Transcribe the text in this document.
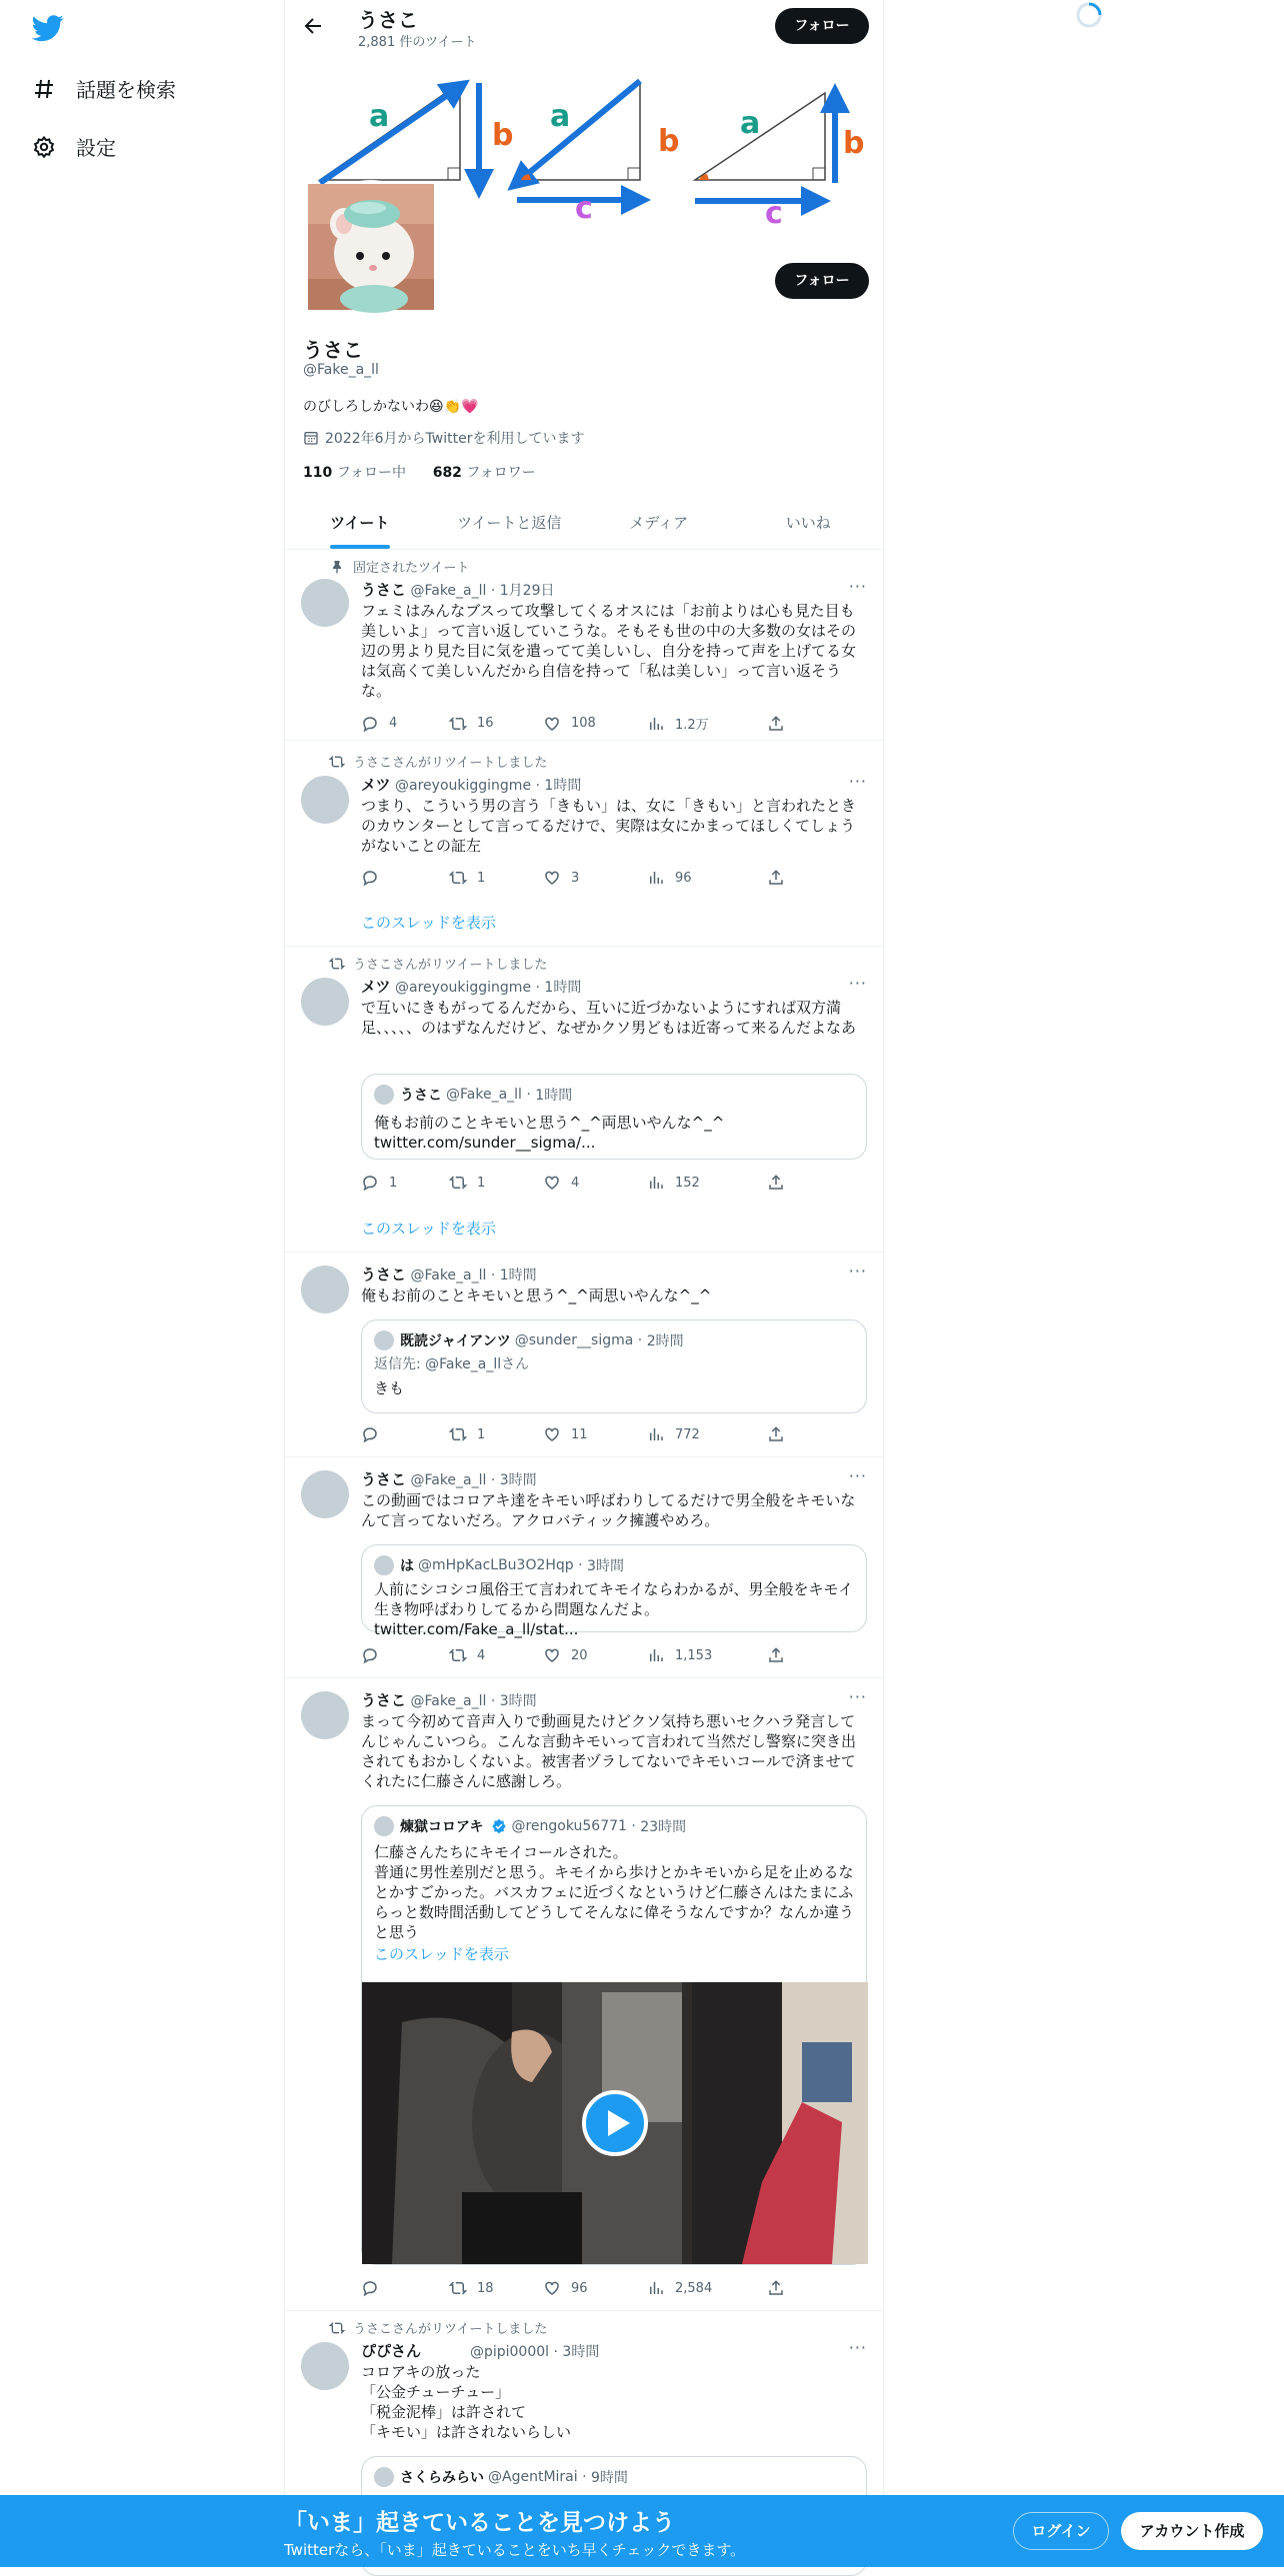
話題を検索
設定
うさこ
2,881 件のツイート
フォロー
a
b
a
b
c
a
b
c
フォロー
うさこ
@Fake_a_ll
のびしろしかないわ😆👏💗
2022年6月からTwitterを利用しています
110 フォロー中 682 フォロワー
ツイート	ツイートと返信	メディア	いいね
固定されたツイート
うさこ @Fake_a_ll · 1月29日	···
フェミはみんなブスって攻撃してくるオスには「お前よりは心も見た目も美しいよ」って言い返していこうな。そもそも世の中の大多数の女はその辺の男より見た目に気を遣ってて美しいし、自分を持って声を上げてる女は気高くて美しいんだから自信を持って「私は美しい」って言い返そうな。
4	16	108	1.2万
うさこさんがリツイートしました
メツ @areyoukiggingme · 1時間	···
つまり、こういう男の言う「きもい」は、女に「きもい」と言われたときのカウンターとして言ってるだけで、実際は女にかまってほしくてしょうがないことの証左
1	3	96
このスレッドを表示
うさこさんがリツイートしました
メツ @areyoukiggingme · 1時間	···
で互いにきもがってるんだから、互いに近づかないようにすれば双方満足、、、、、のはずなんだけど、なぜかクソ男どもは近寄って来るんだよなあ
うさこ @Fake_a_ll · 1時間
俺もお前のことキモいと思う^_^両思いやんな^_^
twitter.com/sunder__sigma/...
1	1	4	152
このスレッドを表示
うさこ @Fake_a_ll · 1時間	···
俺もお前のことキモいと思う^_^両思いやんな^_^
既読ジャイアンツ @sunder__sigma · 2時間
返信先: @Fake_a_llさん
きも
1	11	772
うさこ @Fake_a_ll · 3時間	···
この動画ではコロアキ達をキモい呼ばわりしてるだけで男全般をキモいなんて言ってないだろ。アクロバティック擁護やめろ。
は @mHpKacLBu3O2Hqp · 3時間
人前にシコシコ風俗王て言われてキモイならわかるが、男全般をキモイ生き物呼ばわりしてるから問題なんだよ。 twitter.com/Fake_a_ll/stat...
4	20	1,153
うさこ @Fake_a_ll · 3時間	···
まって今初めて音声入りで動画見たけどクソ気持ち悪いセクハラ発言してんじゃんこいつら。こんな言動キモいって言われて当然だし警察に突き出されてもおかしくないよ。被害者ヅラしてないでキモいコールで済ませてくれたに仁藤さんに感謝しろ。
煉獄コロアキ @rengoku56771 · 23時間
仁藤さんたちにキモイコールされた。
普通に男性差別だと思う。キモイから歩けとかキモいから足を止めるなとかすごかった。バスカフェに近づくなというけど仁藤さんはたまにふらっと数時間活動してどうしてそんなに偉そうなんですか？なんか違うと思う
このスレッドを表示
18	96	2,584
うさこさんがリツイートしました
ぴぴさん	@pipi0000l · 3時間	···
コロアキの放った
「公金チューチュー」
「税金泥棒」は許されて
「キモい」は許されないらしい
さくらみらい @AgentMirai · 9時間
「いま」起きていることを見つけよう
Twitterなら、「いま」起きていることをいち早くチェックできます。
ログイン	アカウント作成
